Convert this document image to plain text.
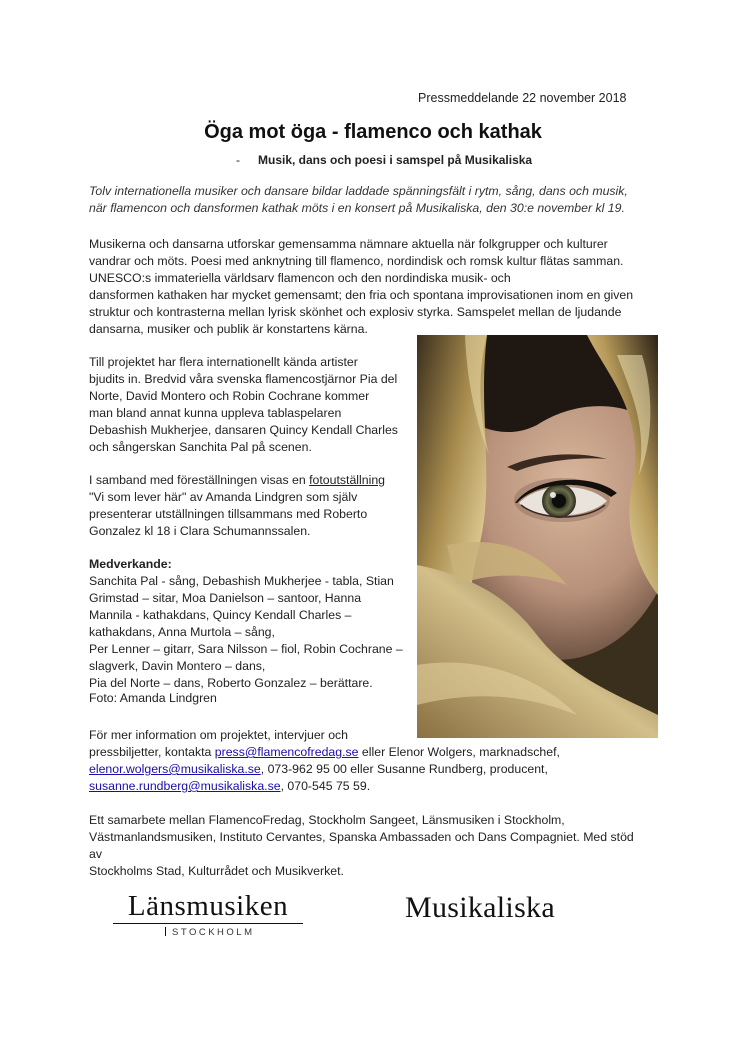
Pressmeddelande 22 november 2018

Öga mot öga - flamenco och kathak

- Musik, dans och poesi i samspel på Musikaliska

Tolv internationella musiker och dansare bildar laddade spänningsfält i rytm, sång, dans och musik, när flamencon och dansformen kathak möts i en konsert på Musikaliska, den 30:e november kl 19.

Musikerna och dansarna utforskar gemensamma nämnare aktuella när folkgrupper och kulturer

vandrar och möts. Poesi med anknytning till flamenco, nordindisk och romsk kultur flätas samman.

UNESCO:s immateriella världsarv flamencon och den nordindiska musik- och

dansformen kathaken har mycket gemensamt; den fria och spontana improvisationen inom en given

struktur och kontrasterna mellan lyrisk skönhet och explosiv styrka. Samspelet mellan de ljudande

dansarna, musiker och publik är konstartens kärna.

Till projektet har flera internationellt kända artister

bjudits in. Bredvid våra svenska flamencostjärnor Pia del

Norte, David Montero och Robin Cochrane kommer

man bland annat kunna uppleva tablaspelaren

Debashish Mukherjee, dansaren Quincy Kendall Charles

och sångerskan Sanchita Pal på scenen.

I samband med föreställningen visas en fotoutställning

"Vi som lever här" av Amanda Lindgren som själv

presenterar utställningen tillsammans med Roberto

Gonzalez kl 18 i Clara Schumannssalen.

Medverkande:

Sanchita Pal - sång, Debashish Mukherjee - tabla, Stian

Grimstad – sitar, Moa Danielson – santoor, Hanna

Mannila - kathakdans, Quincy Kendall Charles –

kathakdans, Anna Murtola – sång,

Per Lenner – gitarr, Sara Nilsson – fiol, Robin Cochrane –

slagverk, Davin Montero – dans,

Pia del Norte – dans, Roberto Gonzalez – berättare.

Foto: Amanda Lindgren

För mer information om projektet, intervjuer och

pressbiljetter, kontakta press@flamencofredag.se eller Elenor Wolgers, marknadschef,

elenor.wolgers@musikaliska.se, 073-962 95 00 eller Susanne Rundberg, producent,

susanne.rundberg@musikaliska.se, 070-545 75 59.

Ett samarbete mellan FlamencoFredag, Stockholm Sangeet, Länsmusiken i Stockholm,

Västmanlandsmusiken, Instituto Cervantes, Spanska Ambassaden och Dans Compagniet. Med stöd av

Stockholms Stad, Kulturrådet och Musikverket.

Länsmusiken
STOCKHOLM
Musikaliska
